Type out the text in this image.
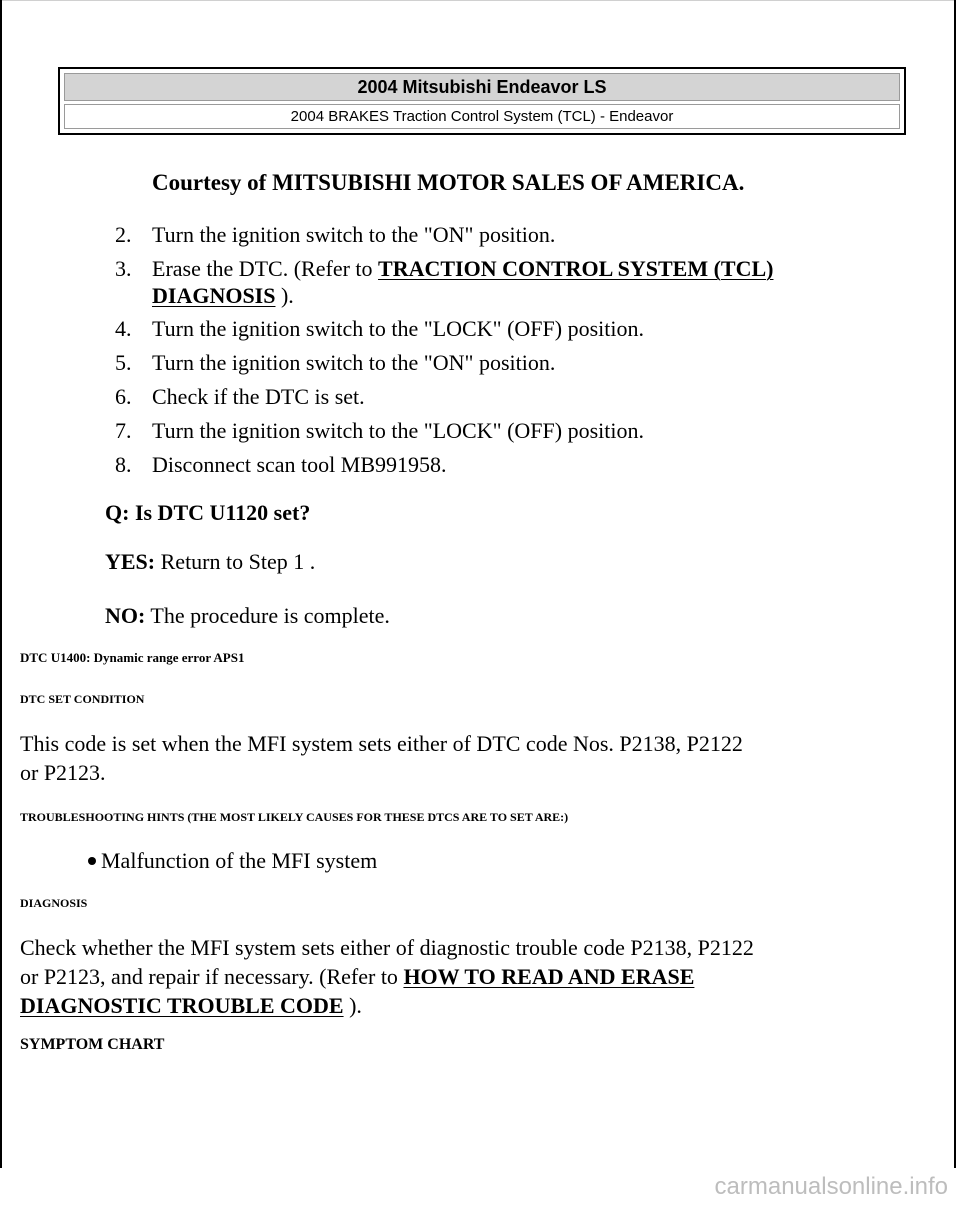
2004 Mitsubishi Endeavor LS
2004 BRAKES Traction Control System (TCL) - Endeavor
Courtesy of MITSUBISHI MOTOR SALES OF AMERICA.
2. Turn the ignition switch to the "ON" position.
3. Erase the DTC. (Refer to TRACTION CONTROL SYSTEM (TCL)
DIAGNOSIS ).
4. Turn the ignition switch to the "LOCK" (OFF) position.
5. Turn the ignition switch to the "ON" position.
6. Check if the DTC is set.
7. Turn the ignition switch to the "LOCK" (OFF) position.
8. Disconnect scan tool MB991958.
Q: Is DTC U1120 set?
YES: Return to Step 1 .
NO: The procedure is complete.
DTC U1400: Dynamic range error APS1
DTC SET CONDITION
This code is set when the MFI system sets either of DTC code Nos. P2138, P2122
or P2123.
TROUBLESHOOTING HINTS (THE MOST LIKELY CAUSES FOR THESE DTCS ARE TO SET ARE:)
Malfunction of the MFI system
DIAGNOSIS
Check whether the MFI system sets either of diagnostic trouble code P2138, P2122
or P2123, and repair if necessary. (Refer to HOW TO READ AND ERASE
DIAGNOSTIC TROUBLE CODE ).
SYMPTOM CHART
carmanualsonline.info
